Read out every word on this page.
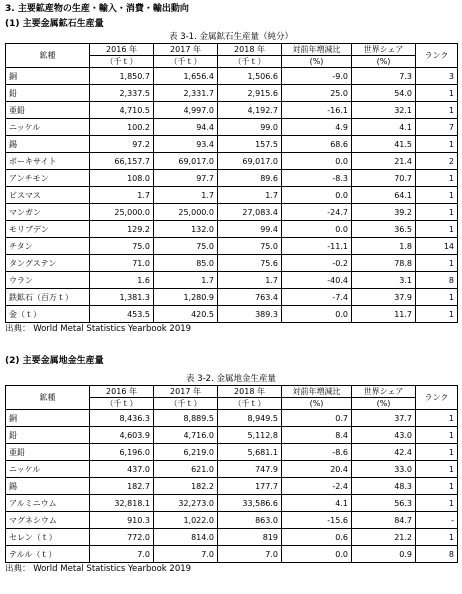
3. 主要鉱産物の生産・輸入・消費・輸出動向
(1) 主要金属鉱石生産量
表 3-1. 金属鉱石生産量（純分）
鉱種	2016 年	2017 年	2018 年	対前年増減比	世界シェア	ランク
	（千ｔ）	（千ｔ）	（千ｔ）	(%)	(%)	
銅	1,850.7	1,656.4	1,506.6	-9.0	7.3	3
鉛	2,337.5	2,331.7	2,915.6	25.0	54.0	1
亜鉛	4,710.5	4,997.0	4,192.7	-16.1	32.1	1
ニッケル	100.2	94.4	99.0	4.9	4.1	7
錫	97.2	93.4	157.5	68.6	41.5	1
ボーキサイト	66,157.7	69,017.0	69,017.0	0.0	21.4	2
アンチモン	108.0	97.7	89.6	-8.3	70.7	1
ビスマス	1.7	1.7	1.7	0.0	64.1	1
マンガン	25,000.0	25,000.0	27,083.4	-24.7	39.2	1
モリブデン	129.2	132.0	99.4	0.0	36.5	1
チタン	75.0	75.0	75.0	-11.1	1.8	14
タングステン	71.0	85.0	75.6	-0.2	78.8	1
ウラン	1.6	1.7	1.7	-40.4	3.1	8
鉄鉱石（百万ｔ）	1,381.3	1,280.9	763.4	-7.4	37.9	1
金（ｔ）	453.5	420.5	389.3	0.0	11.7	1
出典： World Metal Statistics Yearbook 2019
(2) 主要金属地金生産量
表 3-2. 金属地金生産量
鉱種	2016 年	2017 年	2018 年	対前年増減比	世界シェア	ランク
	（千ｔ）	（千ｔ）	（千ｔ）	(%)	(%)	
銅	8,436.3	8,889.5	8,949.5	0.7	37.7	1
鉛	4,603.9	4,716.0	5,112.8	8.4	43.0	1
亜鉛	6,196.0	6,219.0	5,681.1	-8.6	42.4	1
ニッケル	437.0	621.0	747.9	20.4	33.0	1
錫	182.7	182.2	177.7	-2.4	48.3	1
アルミニウム	32,818.1	32,273.0	33,586.6	4.1	56.3	1
マグネシウム	910.3	1,022.0	863.0	-15.6	84.7	-
セレン（ｔ）	772.0	814.0	819	0.6	21.2	1
テルル（ｔ）	7.0	7.0	7.0	0.0	0.9	8
出典： World Metal Statistics Yearbook 2019
